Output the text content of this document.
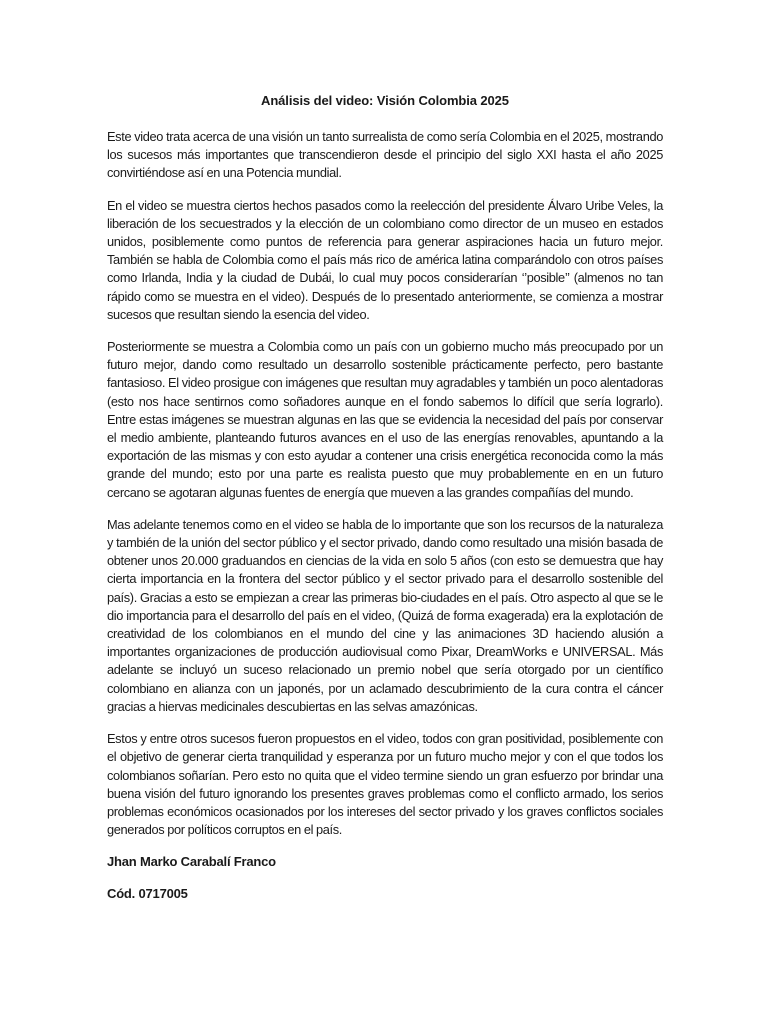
Análisis del video: Visión Colombia 2025

Este video trata acerca de una visión un tanto surrealista de como sería Colombia en el 2025, mostrando los sucesos más importantes que transcendieron desde el principio del siglo XXI hasta el año 2025 convirtiéndose así en una Potencia mundial.

En el video se muestra ciertos hechos pasados como la reelección del presidente Álvaro Uribe Veles, la liberación de los secuestrados y la elección de un colombiano como director de un museo en estados unidos, posiblemente como puntos de referencia para generar aspiraciones hacia un futuro mejor. También se habla de Colombia como el país más rico de américa latina comparándolo con otros países como Irlanda, India y la ciudad de Dubái, lo cual muy pocos considerarían ‘’posible’’ (almenos no tan rápido como se muestra en el video). Después de lo presentado anteriormente, se comienza a mostrar sucesos que resultan siendo la esencia del video.

Posteriormente se muestra a Colombia como un país con un gobierno mucho más preocupado por un futuro mejor, dando como resultado un desarrollo sostenible prácticamente perfecto, pero bastante fantasioso. El video prosigue con imágenes que resultan muy agradables y también un poco alentadoras (esto nos hace sentirnos como soñadores aunque en el fondo sabemos lo difícil que sería lograrlo). Entre estas imágenes se muestran algunas en las que se evidencia la necesidad del país por conservar el medio ambiente, planteando futuros avances en el uso de las energías renovables, apuntando a la exportación de las mismas y con esto ayudar a contener una crisis energética reconocida como la más grande del mundo; esto por una parte es realista puesto que muy probablemente en en un futuro cercano se agotaran algunas fuentes de energía que mueven a las grandes compañías del mundo.

Mas adelante tenemos como en el video se habla de lo importante que son los recursos de la naturaleza y también de la unión del sector público y el sector privado, dando como resultado una misión basada de obtener unos 20.000 graduandos en ciencias de la vida en solo 5 años (con esto se demuestra que hay cierta importancia en la frontera del sector público y el sector privado para el desarrollo sostenible del país). Gracias a esto se empiezan a crear las primeras bio-ciudades en el país. Otro aspecto al que se le dio importancia para el desarrollo del país en el video, (Quizá de forma exagerada) era la explotación de creatividad de los colombianos en el mundo del cine y las animaciones 3D haciendo alusión a importantes organizaciones de producción audiovisual como Pixar, DreamWorks e UNIVERSAL. Más adelante se incluyó un suceso relacionado un premio nobel que sería otorgado por un científico colombiano en alianza con un japonés, por un aclamado descubrimiento de la cura contra el cáncer gracias a hiervas medicinales descubiertas en las selvas amazónicas.

Estos y entre otros sucesos fueron propuestos en el video, todos con gran positividad, posiblemente con el objetivo de generar cierta tranquilidad y esperanza por un futuro mucho mejor y con el que todos los colombianos soñarían. Pero esto no quita que el video termine siendo un gran esfuerzo por brindar una buena visión del futuro ignorando los presentes graves problemas como el conflicto armado, los serios problemas económicos ocasionados por los intereses del sector privado y los graves conflictos sociales generados por políticos corruptos en el país.

Jhan Marko Carabalí Franco
Cód. 0717005
